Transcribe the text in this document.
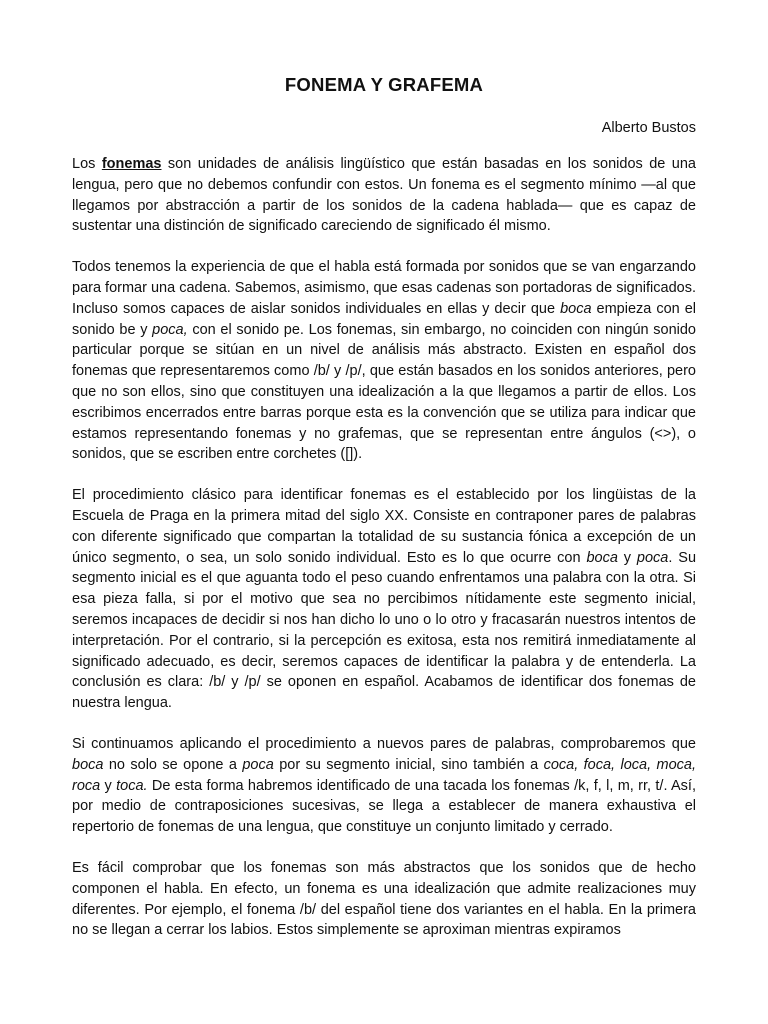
FONEMA Y GRAFEMA
Alberto Bustos

Los fonemas son unidades de análisis lingüístico que están basadas en los sonidos de una lengua, pero que no debemos confundir con estos. Un fonema es el segmento mínimo —al que llegamos por abstracción a partir de los sonidos de la cadena hablada— que es capaz de sustentar una distinción de significado careciendo de significado él mismo.

Todos tenemos la experiencia de que el habla está formada por sonidos que se van engarzando para formar una cadena. Sabemos, asimismo, que esas cadenas son portadoras de significados. Incluso somos capaces de aislar sonidos individuales en ellas y decir que boca empieza con el sonido be y poca, con el sonido pe. Los fonemas, sin embargo, no coinciden con ningún sonido particular porque se sitúan en un nivel de análisis más abstracto. Existen en español dos fonemas que representaremos como /b/ y /p/, que están basados en los sonidos anteriores, pero que no son ellos, sino que constituyen una idealización a la que llegamos a partir de ellos. Los escribimos encerrados entre barras porque esta es la convención que se utiliza para indicar que estamos representando fonemas y no grafemas, que se representan entre ángulos (<>), o sonidos, que se escriben entre corchetes ([]).

El procedimiento clásico para identificar fonemas es el establecido por los lingüistas de la Escuela de Praga en la primera mitad del siglo XX. Consiste en contraponer pares de palabras con diferente significado que compartan la totalidad de su sustancia fónica a excepción de un único segmento, o sea, un solo sonido individual. Esto es lo que ocurre con boca y poca. Su segmento inicial es el que aguanta todo el peso cuando enfrentamos una palabra con la otra. Si esa pieza falla, si por el motivo que sea no percibimos nítidamente este segmento inicial, seremos incapaces de decidir si nos han dicho lo uno o lo otro y fracasarán nuestros intentos de interpretación. Por el contrario, si la percepción es exitosa, esta nos remitirá inmediatamente al significado adecuado, es decir, seremos capaces de identificar la palabra y de entenderla. La conclusión es clara: /b/ y /p/ se oponen en español. Acabamos de identificar dos fonemas de nuestra lengua.

Si continuamos aplicando el procedimiento a nuevos pares de palabras, comprobaremos que boca no solo se opone a poca por su segmento inicial, sino también a coca, foca, loca, moca, roca y toca. De esta forma habremos identificado de una tacada los fonemas /k, f, l, m, rr, t/. Así, por medio de contraposiciones sucesivas, se llega a establecer de manera exhaustiva el repertorio de fonemas de una lengua, que constituye un conjunto limitado y cerrado.

Es fácil comprobar que los fonemas son más abstractos que los sonidos que de hecho componen el habla. En efecto, un fonema es una idealización que admite realizaciones muy diferentes. Por ejemplo, el fonema /b/ del español tiene dos variantes en el habla. En la primera no se llegan a cerrar los labios. Estos simplemente se aproximan mientras expiramos
